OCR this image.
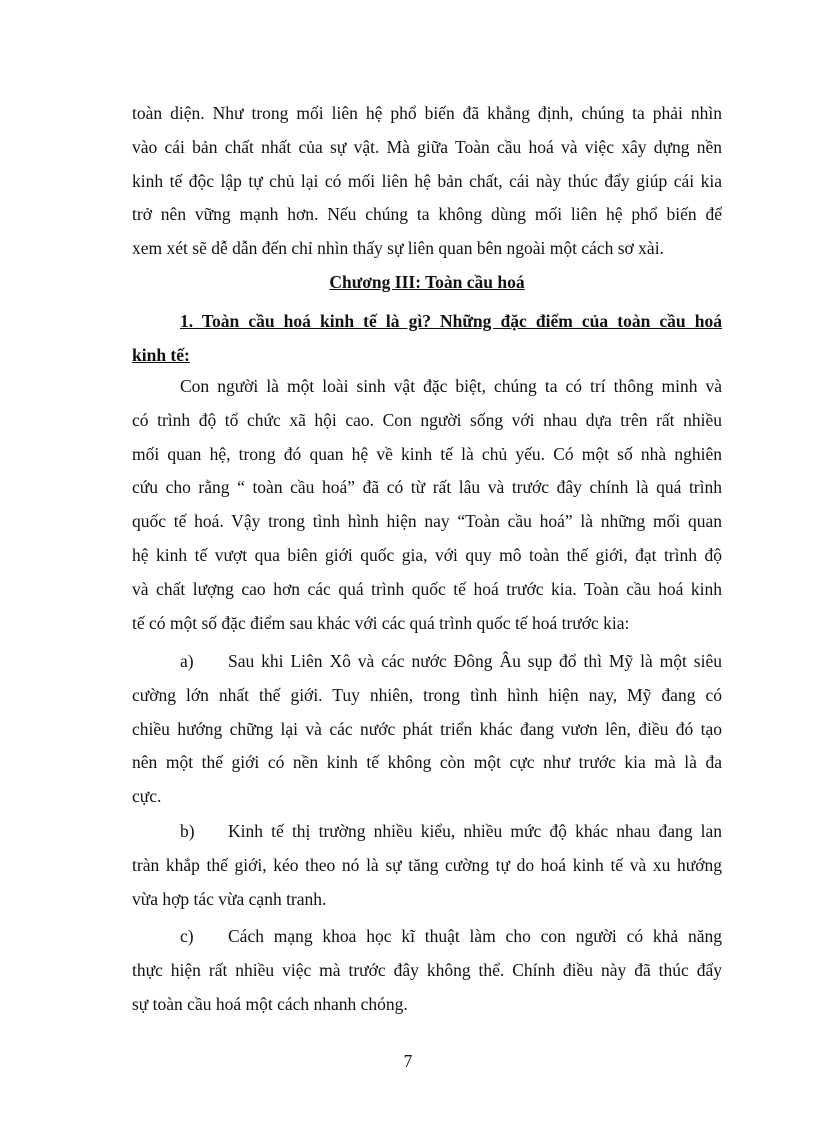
toàn diện. Như trong mối liên hệ phổ biến đã khẳng định, chúng ta phải nhìn
vào cái bản chất nhất của sự vật. Mà giữa Toàn cầu hoá và việc xây dựng nền
kinh tế độc lập tự chủ lại có mối liên hệ bản chất, cái này thúc đẩy giúp cái kia
trở nên vững mạnh hơn. Nếu chúng ta không dùng mối liên hệ phổ biến để
xem xét sẽ dễ dẫn đến chỉ nhìn thấy sự liên quan bên ngoài một cách sơ xài.
Chương III: Toàn cầu hoá
1. Toàn cầu hoá kinh tế là gì? Những đặc điểm của toàn cầu hoá
kinh tế:
Con người là một loài sinh vật đặc biệt, chúng ta có trí thông minh và
có trình độ tổ chức xã hội cao. Con người sống với nhau dựa trên rất nhiều
mối quan hệ, trong đó quan hệ về kinh tế là chủ yếu. Có một số nhà nghiên
cứu cho rằng “ toàn cầu hoá” đã có từ rất lâu và trước đây chính là quá trình
quốc tế hoá. Vậy trong tình hình hiện nay “Toàn cầu hoá” là những mối quan
hệ kinh tế vượt qua biên giới quốc gia, với quy mô toàn thế giới, đạt trình độ
và chất lượng cao hơn các quá trình quốc tế hoá trước kia. Toàn cầu hoá kinh
tế có một số đặc điểm sau khác với các quá trình quốc tế hoá trước kia:
a) Sau khi Liên Xô và các nước Đông Âu sụp đổ thì Mỹ là một siêu
cường lớn nhất thế giới. Tuy nhiên, trong tình hình hiện nay, Mỹ đang có
chiều hướng chững lại và các nước phát triển khác đang vươn lên, điều đó tạo
nên một thế giới có nền kinh tế không còn một cực như trước kia mà là đa
cực.
b) Kinh tế thị trường nhiều kiểu, nhiều mức độ khác nhau đang lan
tràn khắp thế giới, kéo theo nó là sự tăng cường tự do hoá kinh tế và xu hướng
vừa hợp tác vừa cạnh tranh.
c) Cách mạng khoa học kĩ thuật làm cho con người có khả năng
thực hiện rất nhiều việc mà trước đây không thể. Chính điều này đã thúc đẩy
sự toàn cầu hoá một cách nhanh chóng.
7
